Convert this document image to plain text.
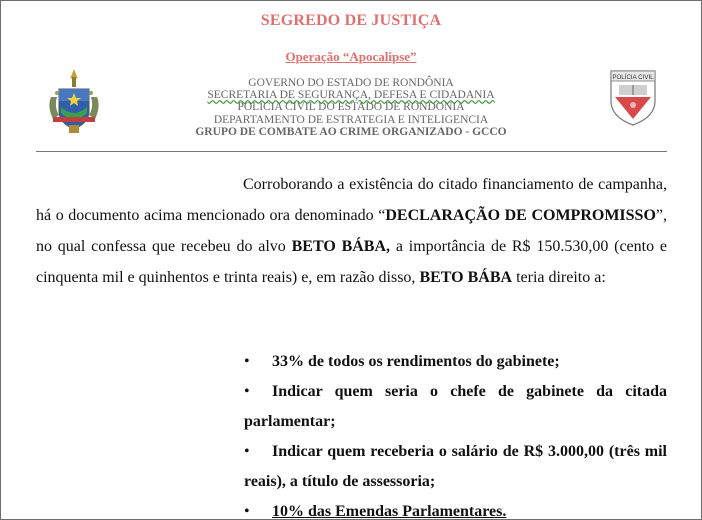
SEGREDO DE JUSTIÇA
Operação “Apocalipse”
GOVERNO DO ESTADO DE RONDÔNIA
SECRETARIA DE SEGURANÇA, DEFESA E CIDADANIA
POLICIA CIVIL DO ESTADO DE RONDONIA
DEPARTAMENTO DE ESTRATEGIA E INTELIGENCIA
GRUPO DE COMBATE AO CRIME ORGANIZADO - GCCO
POLÍCIA CIVIL
Corroborando a existência do citado financiamento de campanha, há o documento acima mencionado ora denominado “DECLARAÇÃO DE COMPROMISSO”, no qual confessa que recebeu do alvo BETO BÁBA, a importância de R$ 150.530,00 (cento e cinquenta mil e quinhentos e trinta reais) e, em razão disso, BETO BÁBA teria direito a:
• 33% de todos os rendimentos do gabinete;
• Indicar quem seria o chefe de gabinete da citada parlamentar;
• Indicar quem receberia o salário de R$ 3.000,00 (três mil reais), a título de assessoria;
• 10% das Emendas Parlamentares.
